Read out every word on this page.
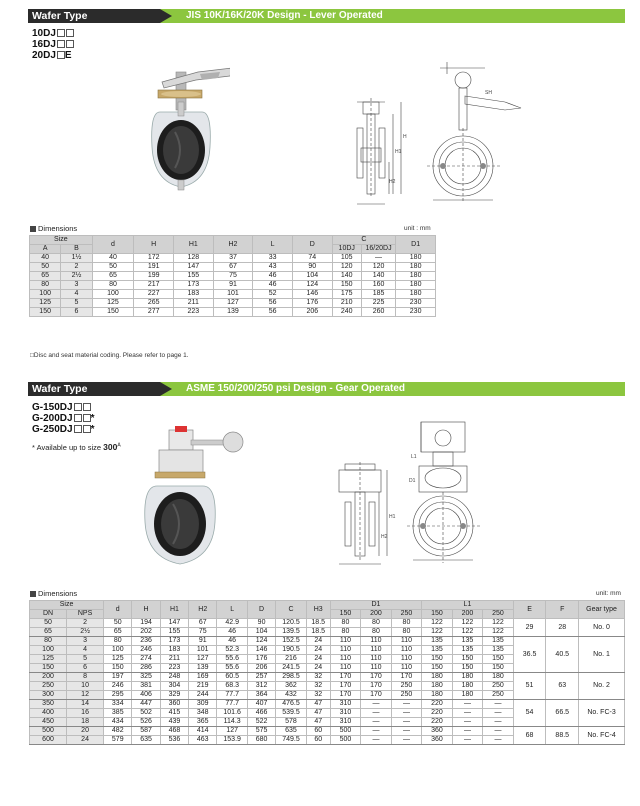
Wafer Type	JIS 10K/16K/20K Design - Lever Operated
10DJ
16DJ
20DJ E
H1
H
H2
SH
Dimensions	unit : mm
Size		d	H	H1	H2	L	D	C		D1
A	B							10DJ	16/20DJ	
40	1½	40	172	128	37	33	74	105	—	180
50	2	50	191	147	67	43	90	120	120	180
65	2½	65	199	155	75	46	104	140	140	180
80	3	80	217	173	91	46	124	150	160	180
100	4	100	227	183	101	52	146	175	185	180
125	5	125	265	211	127	56	176	210	225	230
150	6	150	277	223	139	56	206	240	260	230
□Disc and seat material coding. Please refer to page 1.
Wafer Type	ASME 150/200/250 psi Design - Gear Operated
G-150DJ
G-200DJ *
G-250DJ *
* Available up to size $300^A$
H1
H2
D1
L1
Dimensions	unit: mm
Size		d	H	H1	H2	L	D	C	H3	D1			L1			E	F	Gear type
DN	NPS									150	200	250	150	200	250			
50	2	50	194	147	67	42.9	90	120.5	18.5	80	80	80	122	122	122	29	28	No. 0
65	2½	65	202	155	75	46	104	139.5	18.5	80	80	80	122	122	122			
80	3	80	236	173	91	46	124	152.5	24	110	110	110	135	135	135	36.5	40.5	No. 1
100	4	100	246	183	101	52.3	146	190.5	24	110	110	110	135	135	135			
125	5	125	274	211	127	55.6	176	216	24	110	110	110	150	150	150			
150	6	150	286	223	139	55.6	206	241.5	24	110	110	110	150	150	150			
200	8	197	325	248	169	60.5	257	298.5	32	170	170	170	180	180	180	51	63	No. 2
250	10	246	381	304	219	68.3	312	362	32	170	170	250	180	180	250			
300	12	295	406	329	244	77.7	364	432	32	170	170	250	180	180	250			
350	14	334	447	360	309	77.7	407	476.5	47	310	—	—	220	—	—	54	66.5	No. FC-3
400	16	385	502	415	348	101.6	466	539.5	47	310	—	—	220	—	—			
450	18	434	526	439	365	114.3	522	578	47	310	—	—	220	—	—			
500	20	482	587	468	414	127	575	635	60	500	—	—	360	—	—	68	88.5	No. FC-4
600	24	579	635	536	463	153.9	680	749.5	60	500	—	—	360	—	—			
